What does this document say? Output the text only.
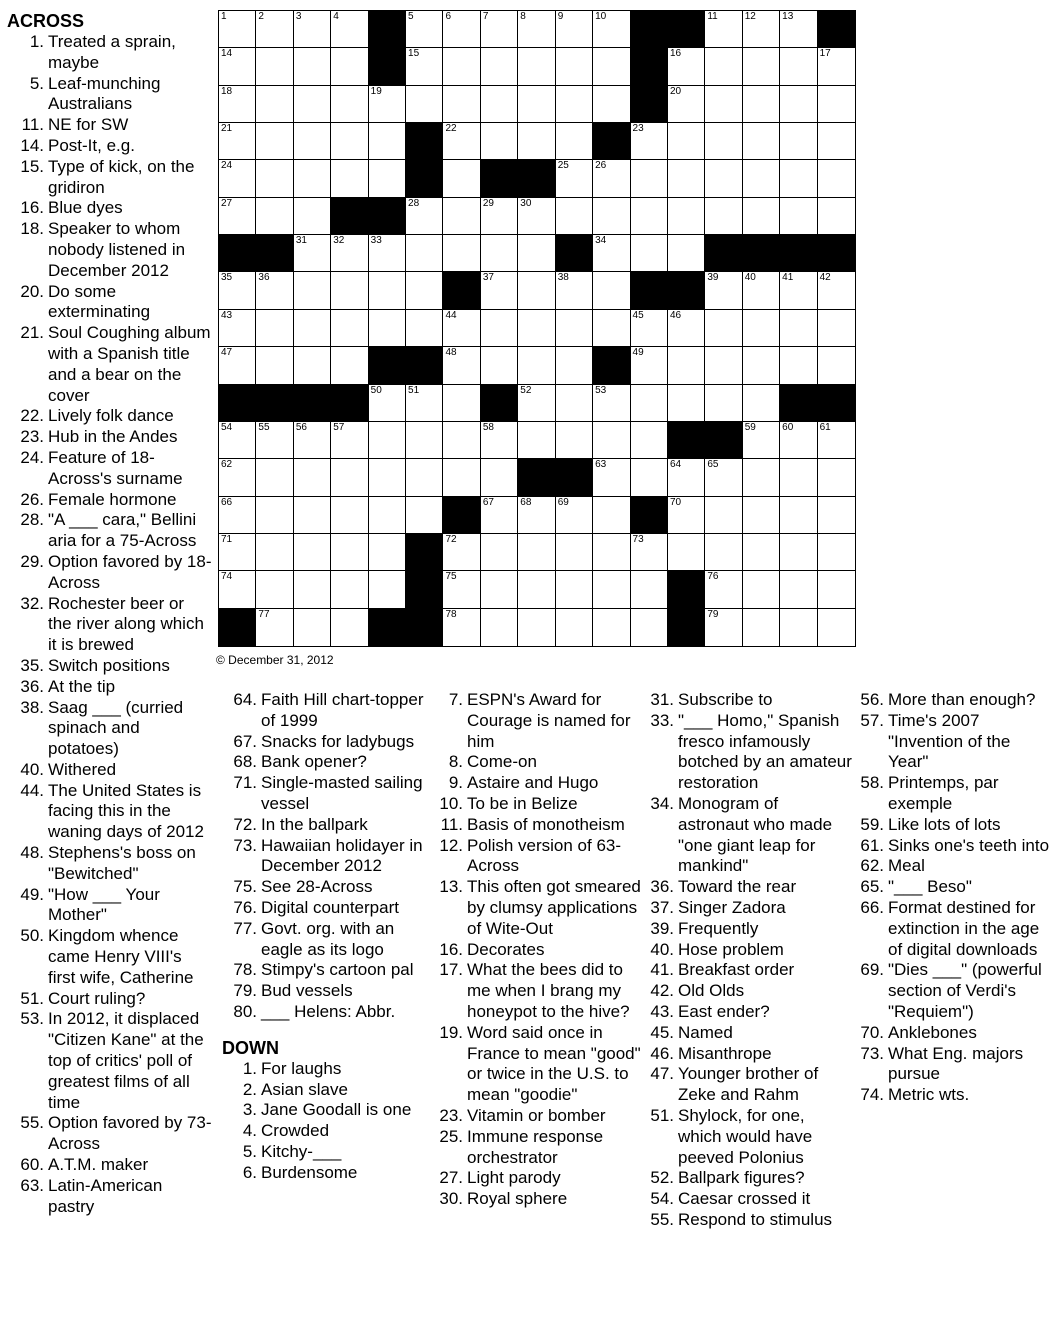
1	2	3	4	5	6	7	8	9	10	11	12	13
14	15	16	17
18	19	20
21	22	23
24	25	26
27	28	29	30
31	32	33	34
35	36	37	38	39	40	41	42
43	44	45	46
47	48	49
50	51	52	53
54	55	56	57	58	59	60	61
62	63	64	65
66	67	68	69	70
71	72	73
74	75	76
77	78	79
© December 31, 2012
ACROSS
1. Treated a sprain, maybe
5. Leaf-munching Australians
11. NE for SW
14. Post-It, e.g.
15. Type of kick, on the gridiron
16. Blue dyes
18. Speaker to whom nobody listened in December 2012
20. Do some exterminating
21. Soul Coughing album with a Spanish title and a bear on the cover
22. Lively folk dance
23. Hub in the Andes
24. Feature of 18-Across's surname
26. Female hormone
28. "A ___ cara," Bellini aria for a 75-Across
29. Option favored by 18-Across
32. Rochester beer or the river along which it is brewed
35. Switch positions
36. At the tip
38. Saag ___ (curried spinach and potatoes)
40. Withered
44. The United States is facing this in the waning days of 2012
48. Stephens's boss on "Bewitched"
49. "How ___ Your Mother"
50. Kingdom whence came Henry VIII's first wife, Catherine
51. Court ruling?
53. In 2012, it displaced "Citizen Kane" at the top of critics' poll of greatest films of all time
55. Option favored by 73-Across
60. A.T.M. maker
63. Latin-American pastry
64. Faith Hill chart-topper of 1999
67. Snacks for ladybugs
68. Bank opener?
71. Single-masted sailing vessel
72. In the ballpark
73. Hawaiian holidayer in December 2012
75. See 28-Across
76. Digital counterpart
77. Govt. org. with an eagle as its logo
78. Stimpy's cartoon pal
79. Bud vessels
80. ___ Helens: Abbr.
DOWN
1. For laughs
2. Asian slave
3. Jane Goodall is one
4. Crowded
5. Kitchy-___
6. Burdensome
7. ESPN's Award for Courage is named for him
8. Come-on
9. Astaire and Hugo
10. To be in Belize
11. Basis of monotheism
12. Polish version of 63-Across
13. This often got smeared by clumsy applications of Wite-Out
16. Decorates
17. What the bees did to me when I brang my honeypot to the hive?
19. Word said once in France to mean "good" or twice in the U.S. to mean "goodie"
23. Vitamin or bomber
25. Immune response orchestrator
27. Light parody
30. Royal sphere
31. Subscribe to
33. "___ Homo," Spanish fresco infamously botched by an amateur restoration
34. Monogram of astronaut who made "one giant leap for mankind"
36. Toward the rear
37. Singer Zadora
39. Frequently
40. Hose problem
41. Breakfast order
42. Old Olds
43. East ender?
45. Named
46. Misanthrope
47. Younger brother of Zeke and Rahm
51. Shylock, for one, which would have peeved Polonius
52. Ballpark figures?
54. Caesar crossed it
55. Respond to stimulus
56. More than enough?
57. Time's 2007 "Invention of the Year"
58. Printemps, par exemple
59. Like lots of lots
61. Sinks one's teeth into
62. Meal
65. "___ Beso"
66. Format destined for extinction in the age of digital downloads
69. "Dies ___" (powerful section of Verdi's "Requiem")
70. Anklebones
73. What Eng. majors pursue
74. Metric wts.
